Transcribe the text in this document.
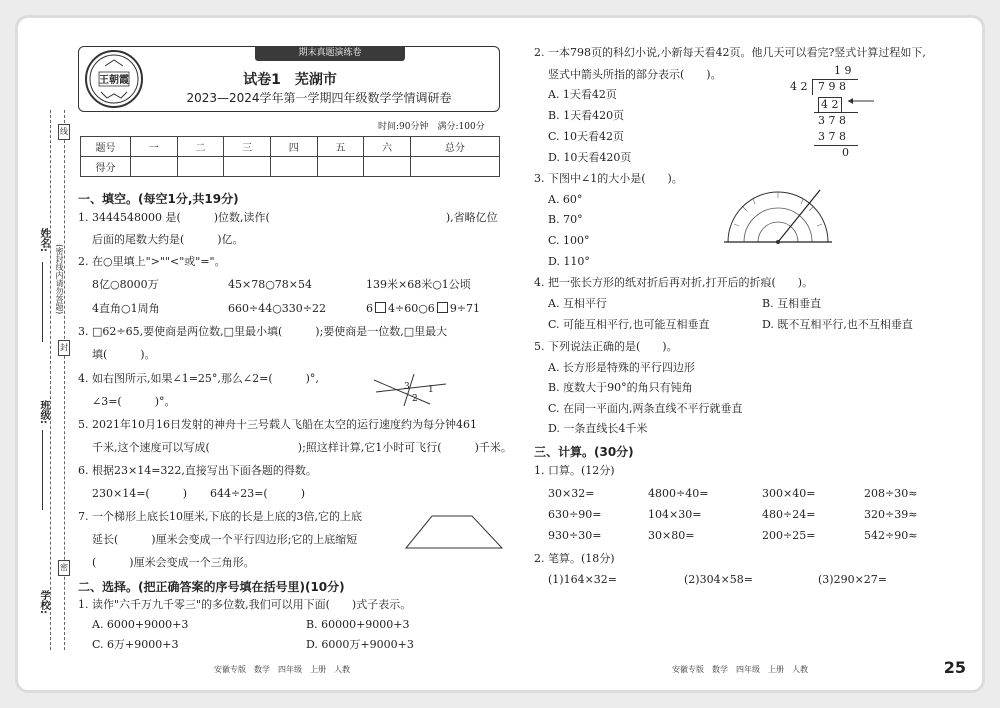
线
封
密
姓名:
(密封线内请勿答题)
班级:
学校:
期末真题演练卷
王朝霞	试卷1　芜湖市
2023—2024学年第一学期四年级数学学情调研卷
时间:90分钟　满分:100分
题号	一	二	三	四	五	六	总分
得分							
一、填空。(每空1分,共19分)
1. 3444548000 是(　　　)位数,读作(　　　　　　　　　　　　　　　　),省略亿位
后面的尾数大约是(　　　)亿。
2. 在○里填上">""<"或"="。
8亿○8000万	45×78○78×54	139米×68米○1公顷
4直角○1周角	660÷44○330÷22	6 4÷60○6 9÷71
3. □62÷65,要使商是两位数,□里最小填(　　　);要使商是一位数,□里最大
填(　　　)。
4. 如右图所示,如果∠1=25°,那么∠2=(　　　)°,
∠3=(　　　)°。
3 1
2
5. 2021年10月16日发射的神舟十三号载人飞船在太空的运行速度约为每分钟461
千米,这个速度可以写成(　　　　　　　　);照这样计算,它1小时可飞行(　　　)千米。
6. 根据23×14=322,直接写出下面各题的得数。
230×14=(　　　) 644÷23=(　　　)
7. 一个梯形上底长10厘米,下底的长是上底的3倍,它的上底
延长(　　　)厘米会变成一个平行四边形;它的上底缩短
(　　　)厘米会变成一个三角形。
二、选择。(把正确答案的序号填在括号里)(10分)
1. 读作"六千万九千零三"的多位数,我们可以用下面(　　)式子表示。
A. 6000+9000+3	B. 60000+9000+3
C. 6万+9000+3	D. 6000万+9000+3
2. 一本798页的科幻小说,小新每天看42页。他几天可以看完?竖式计算过程如下,
竖式中箭头所指的部分表示(　　)。
A. 1天看42页
B. 1天看420页
C. 10天看42页
D. 10天看420页
1 9
4 2 7 9 8
4 2
3 7 8
3 7 8
0
3. 下图中∠1的大小是(　　)。
A. 60°
B. 70°
C. 100°
D. 110°
4. 把一张长方形的纸对折后再对折,打开后的折痕(　　)。
A. 互相平行	B. 互相垂直
C. 可能互相平行,也可能互相垂直	D. 既不互相平行,也不互相垂直
5. 下列说法正确的是(　　)。
A. 长方形是特殊的平行四边形
B. 度数大于90°的角只有钝角
C. 在同一平面内,两条直线不平行就垂直
D. 一条直线长4千米
三、计算。(30分)
1. 口算。(12分)
30×32=	4800÷40=	300×40=	208÷30≈
630÷90=	104×30=	480÷24=	320÷39≈
930÷30=	30×80=	200÷25=	542÷90≈
2. 笔算。(18分)
(1)164×32=	(2)304×58=	(3)290×27=
安徽专版　数学　四年级　上册　人教	安徽专版　数学　四年级　上册　人教	25
